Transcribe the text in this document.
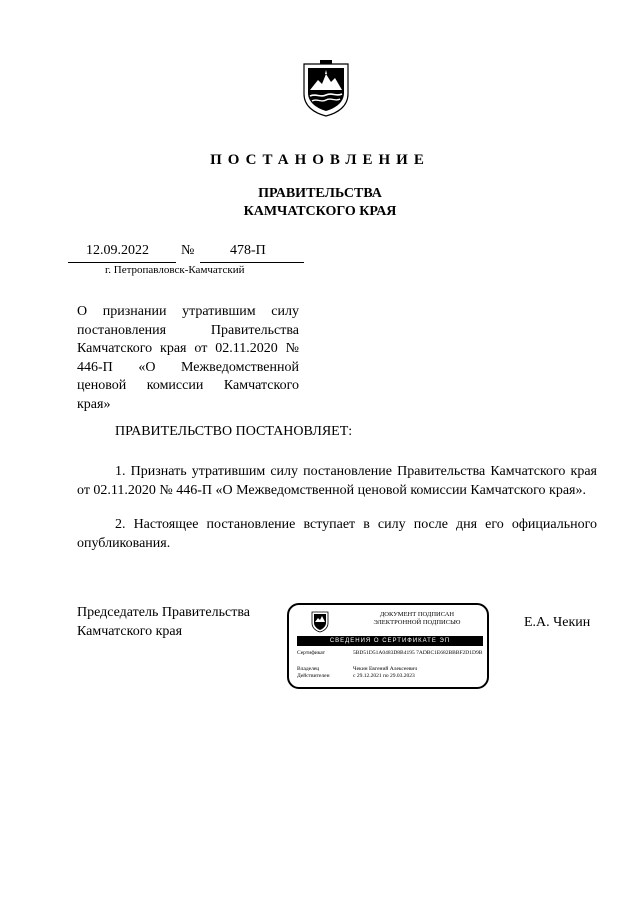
ПОСТАНОВЛЕНИЕ
ПРАВИТЕЛЬСТВА
КАМЧАТСКОГО КРАЯ
12.09.2022 №	478-П
г. Петропавловск-Камчатский
О признании утратившим силу постановления Правительства Камчатского края от 02.11.2020 № 446-П «О Межведомственной ценовой комиссии Камчатского края»
ПРАВИТЕЛЬСТВО ПОСТАНОВЛЯЕТ:
1. Признать утратившим силу постановление Правительства Камчатского края от 02.11.2020 № 446-П «О Межведомственной ценовой комиссии Камчатского края».
2. Настоящее постановление вступает в силу после дня его официального опубликования.
Председатель Правительства
Камчатского края
ДОКУМЕНТ ПОДПИСАН
ЭЛЕКТРОННОЙ ПОДПИСЬЮ
СВЕДЕНИЯ О СЕРТИФИКАТЕ ЭП
Сертификат	5BD51D51A0483D8B4195 7ADBC1E682BBBF2D1D9B
Владелец	Чекин Евгений Алексеевич
Действителен	с 29.12.2021 по 29.03.2023
Е.А. Чекин
